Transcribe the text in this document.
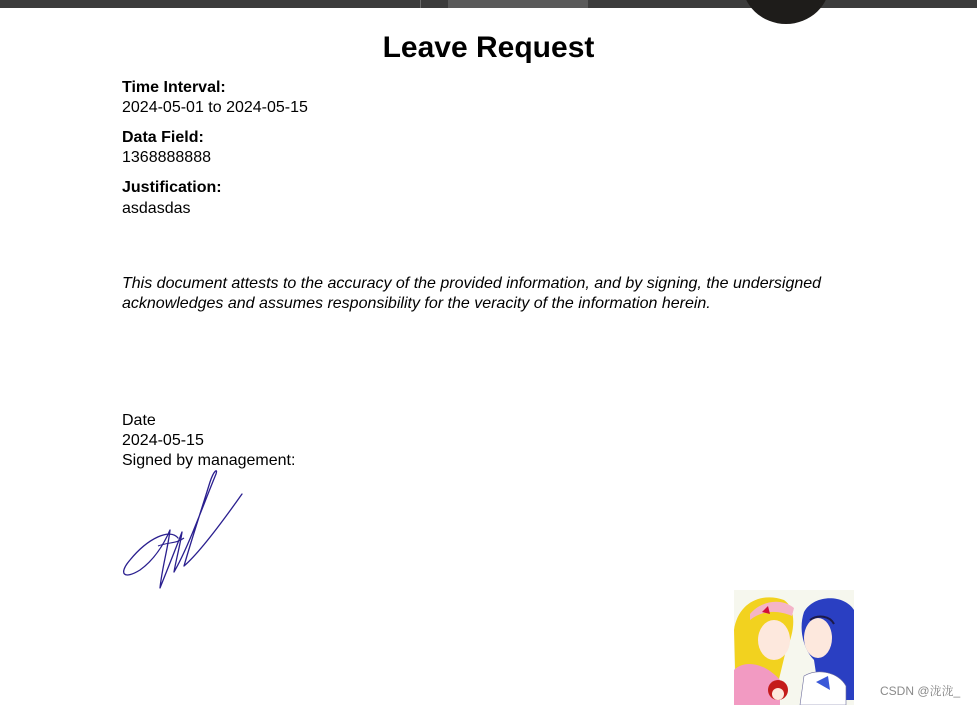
Leave Request
Time Interval:
2024-05-01 to 2024-05-15
Data Field:
1368888888
Justification:
asdasdas
This document attests to the accuracy of the provided information, and by signing, the undersigned acknowledges and assumes responsibility for the veracity of the information herein.
Date
2024-05-15
Signed by management:
CSDN @泷泷_
